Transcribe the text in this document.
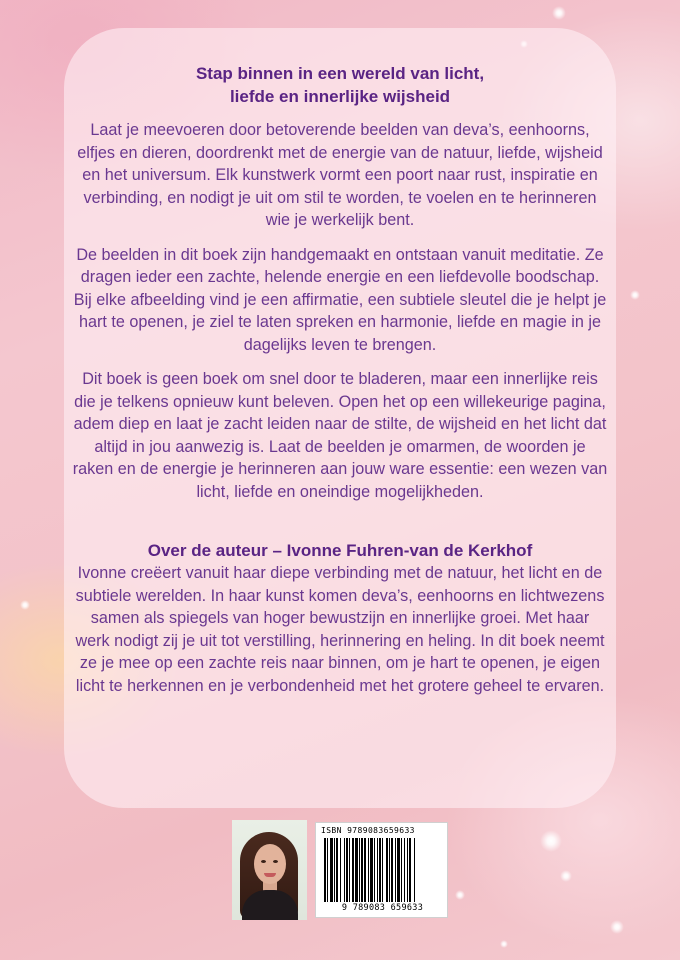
Stap binnen in een wereld van licht,
liefde en innerlijke wijsheid

Laat je meevoeren door betoverende beelden van deva’s, eenhoorns, elfjes en dieren, doordrenkt met de energie van de natuur, liefde, wijsheid en het universum. Elk kunstwerk vormt een poort naar rust, inspiratie en verbinding, en nodigt je uit om stil te worden, te voelen en te herinneren wie je werkelijk bent.

De beelden in dit boek zijn handgemaakt en ontstaan vanuit meditatie. Ze dragen ieder een zachte, helende energie en een liefdevolle boodschap. Bij elke afbeelding vind je een affirmatie, een subtiele sleutel die je helpt je hart te openen, je ziel te laten spreken en harmonie, liefde en magie in je dagelijks leven te brengen.

Dit boek is geen boek om snel door te bladeren, maar een innerlijke reis die je telkens opnieuw kunt beleven. Open het op een willekeurige pagina, adem diep en laat je zacht leiden naar de stilte, de wijsheid en het licht dat altijd in jou aanwezig is. Laat de beelden je omarmen, de woorden je raken en de energie je herinneren aan jouw ware essentie: een wezen van licht, liefde en oneindige mogelijkheden.

Over de auteur – Ivonne Fuhren-van de Kerkhof

Ivonne creëert vanuit haar diepe verbinding met de natuur, het licht en de subtiele werelden. In haar kunst komen deva’s, eenhoorns en lichtwezens samen als spiegels van hoger bewustzijn en innerlijke groei. Met haar werk nodigt zij je uit tot verstilling, herinnering en heling. In dit boek neemt ze je mee op een zachte reis naar binnen, om je hart te openen, je eigen licht te herkennen en je verbondenheid met het grotere geheel te ervaren.

ISBN 9789083659633
9 789083 659633
